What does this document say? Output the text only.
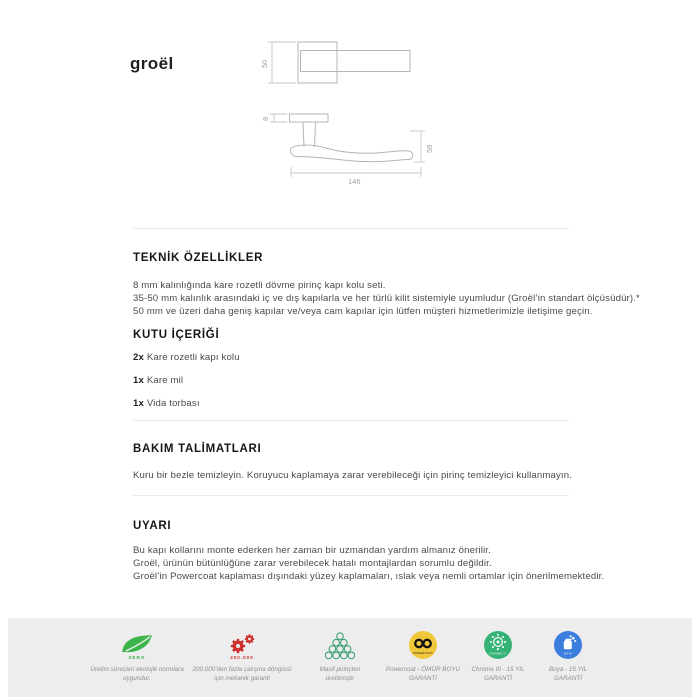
groël	50
8
58
146
TEKNİK ÖZELLİKLER

8 mm kalınlığında kare rozetli dövme pirinç kapı kolu seti.

35-50 mm kalınlık arasındaki iç ve dış kapılarla ve her türlü kilit sistemiyle uyumludur (Groël’in standart ölçüsüdür).*

50 mm ve üzeri daha geniş kapılar ve/veya cam kapılar için lütfen müşteri hizmetlerimizle iletişime geçin.

KUTU İÇERİĞİ
2x Kare rozetli kapı kolu
1x Kare mil
1x Vida torbası
BAKIM TALİMATLARI

Kuru bir bezle temizleyin. Koruyucu kaplamaya zarar verebileceği için pirinç temizleyici kullanmayın.

UYARI

Bu kapı kollarını monte ederken her zaman bir uzmandan yardım almanız önerilir.

Groël, ürünün bütünlüğüne zarar verebilecek hatalı montajlardan sorumlu değildir.

Groël’in Powercoat kaplaması dışındaki yüzey kaplamaları, ıslak veya nemli ortamlar için önerilmemektedir.

ZERO
Üretim süreçleri ekolojik normlara uygundur.
200.000
200.000’den fazla çalışma döngüsü için mekanik garanti
Masif pirinçten üretilmiştir
POWERCOAT
Powercoat - ÖMÜR BOYU GARANTİ
CHROME III
Chrome III - 15 YIL GARANTİ
BOYA
Boya - 15 YIL GARANTİ
